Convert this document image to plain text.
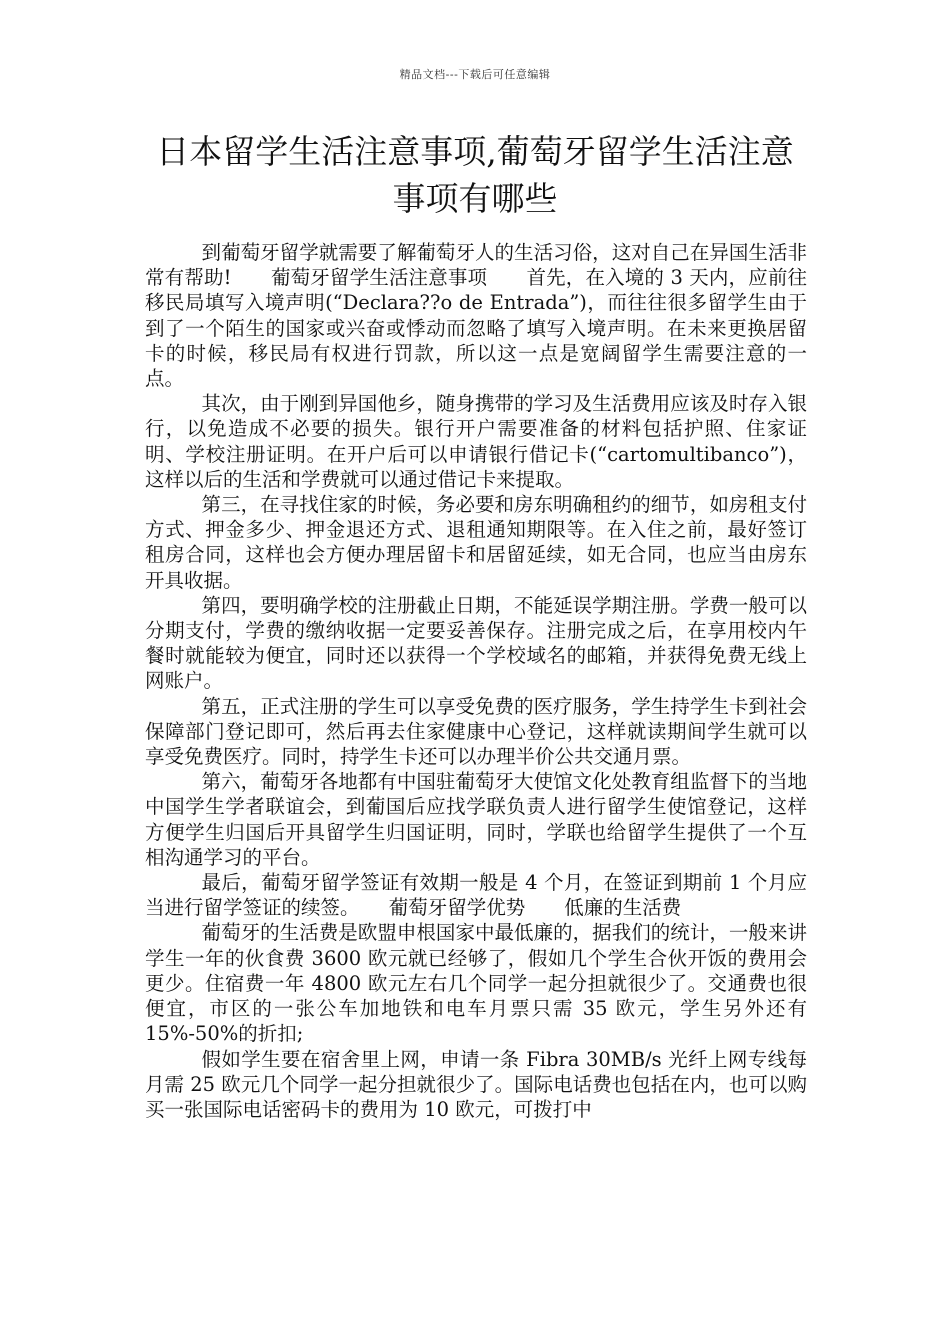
精品文档---下载后可任意编辑
日本留学生活注意事项,葡萄牙留学生活注意事项有哪些

到葡萄牙留学就需要了解葡萄牙人的生活习俗，这对自己在异国生活非常有帮助!　　葡萄牙留学生活注意事项　　首先，在入境的 3 天内，应前往移民局填写入境声明(“Declara??o de Entrada”)，而往往很多留学生由于到了一个陌生的国家或兴奋或悸动而忽略了填写入境声明。在未来更换居留卡的时候，移民局有权进行罚款，所以这一点是宽阔留学生需要注意的一点。

其次，由于刚到异国他乡，随身携带的学习及生活费用应该及时存入银行，以免造成不必要的损失。银行开户需要准备的材料包括护照、住家证明、学校注册证明。在开户后可以申请银行借记卡(“cartomultibanco”)，这样以后的生活和学费就可以通过借记卡来提取。

第三，在寻找住家的时候，务必要和房东明确租约的细节，如房租支付方式、押金多少、押金退还方式、退租通知期限等。在入住之前，最好签订租房合同，这样也会方便办理居留卡和居留延续，如无合同，也应当由房东开具收据。

第四，要明确学校的注册截止日期，不能延误学期注册。学费一般可以分期支付，学费的缴纳收据一定要妥善保存。注册完成之后，在享用校内午餐时就能较为便宜，同时还以获得一个学校域名的邮箱，并获得免费无线上网账户。

第五，正式注册的学生可以享受免费的医疗服务，学生持学生卡到社会保障部门登记即可，然后再去住家健康中心登记，这样就读期间学生就可以享受免费医疗。同时，持学生卡还可以办理半价公共交通月票。

第六，葡萄牙各地都有中国驻葡萄牙大使馆文化处教育组监督下的当地中国学生学者联谊会，到葡国后应找学联负责人进行留学生使馆登记，这样方便学生归国后开具留学生归国证明，同时，学联也给留学生提供了一个互相沟通学习的平台。

最后，葡萄牙留学签证有效期一般是 4 个月，在签证到期前 1 个月应当进行留学签证的续签。　　葡萄牙留学优势　　低廉的生活费

葡萄牙的生活费是欧盟申根国家中最低廉的，据我们的统计，一般来讲学生一年的伙食费 3600 欧元就已经够了，假如几个学生合伙开饭的费用会更少。住宿费一年 4800 欧元左右几个同学一起分担就很少了。交通费也很便宜，市区的一张公车加地铁和电车月票只需 35 欧元，学生另外还有 15%-50%的折扣;

假如学生要在宿舍里上网，申请一条 Fibra 30MB/s 光纤上网专线每月需 25 欧元几个同学一起分担就很少了。国际电话费也包括在内，也可以购买一张国际电话密码卡的费用为 10 欧元，可拨打中
